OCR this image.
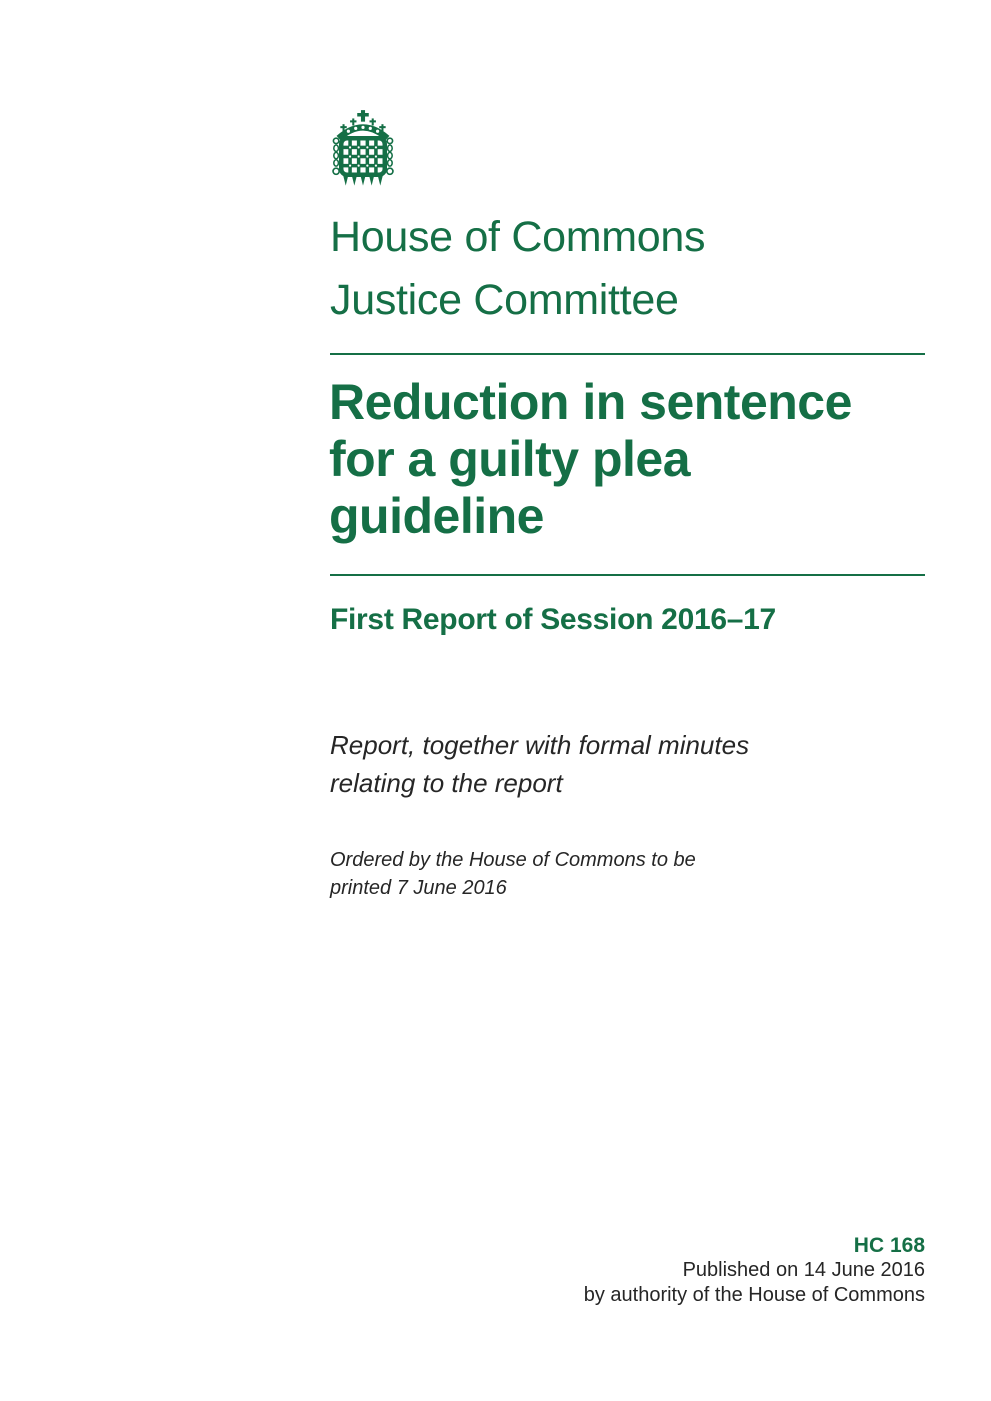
House of Commons
Justice Committee
Reduction in sentence
for a guilty plea
guideline
First Report of Session 2016–17
Report, together with formal minutes
relating to the report
Ordered by the House of Commons to be
printed 7 June 2016
HC 168
Published on 14 June 2016
by authority of the House of Commons
